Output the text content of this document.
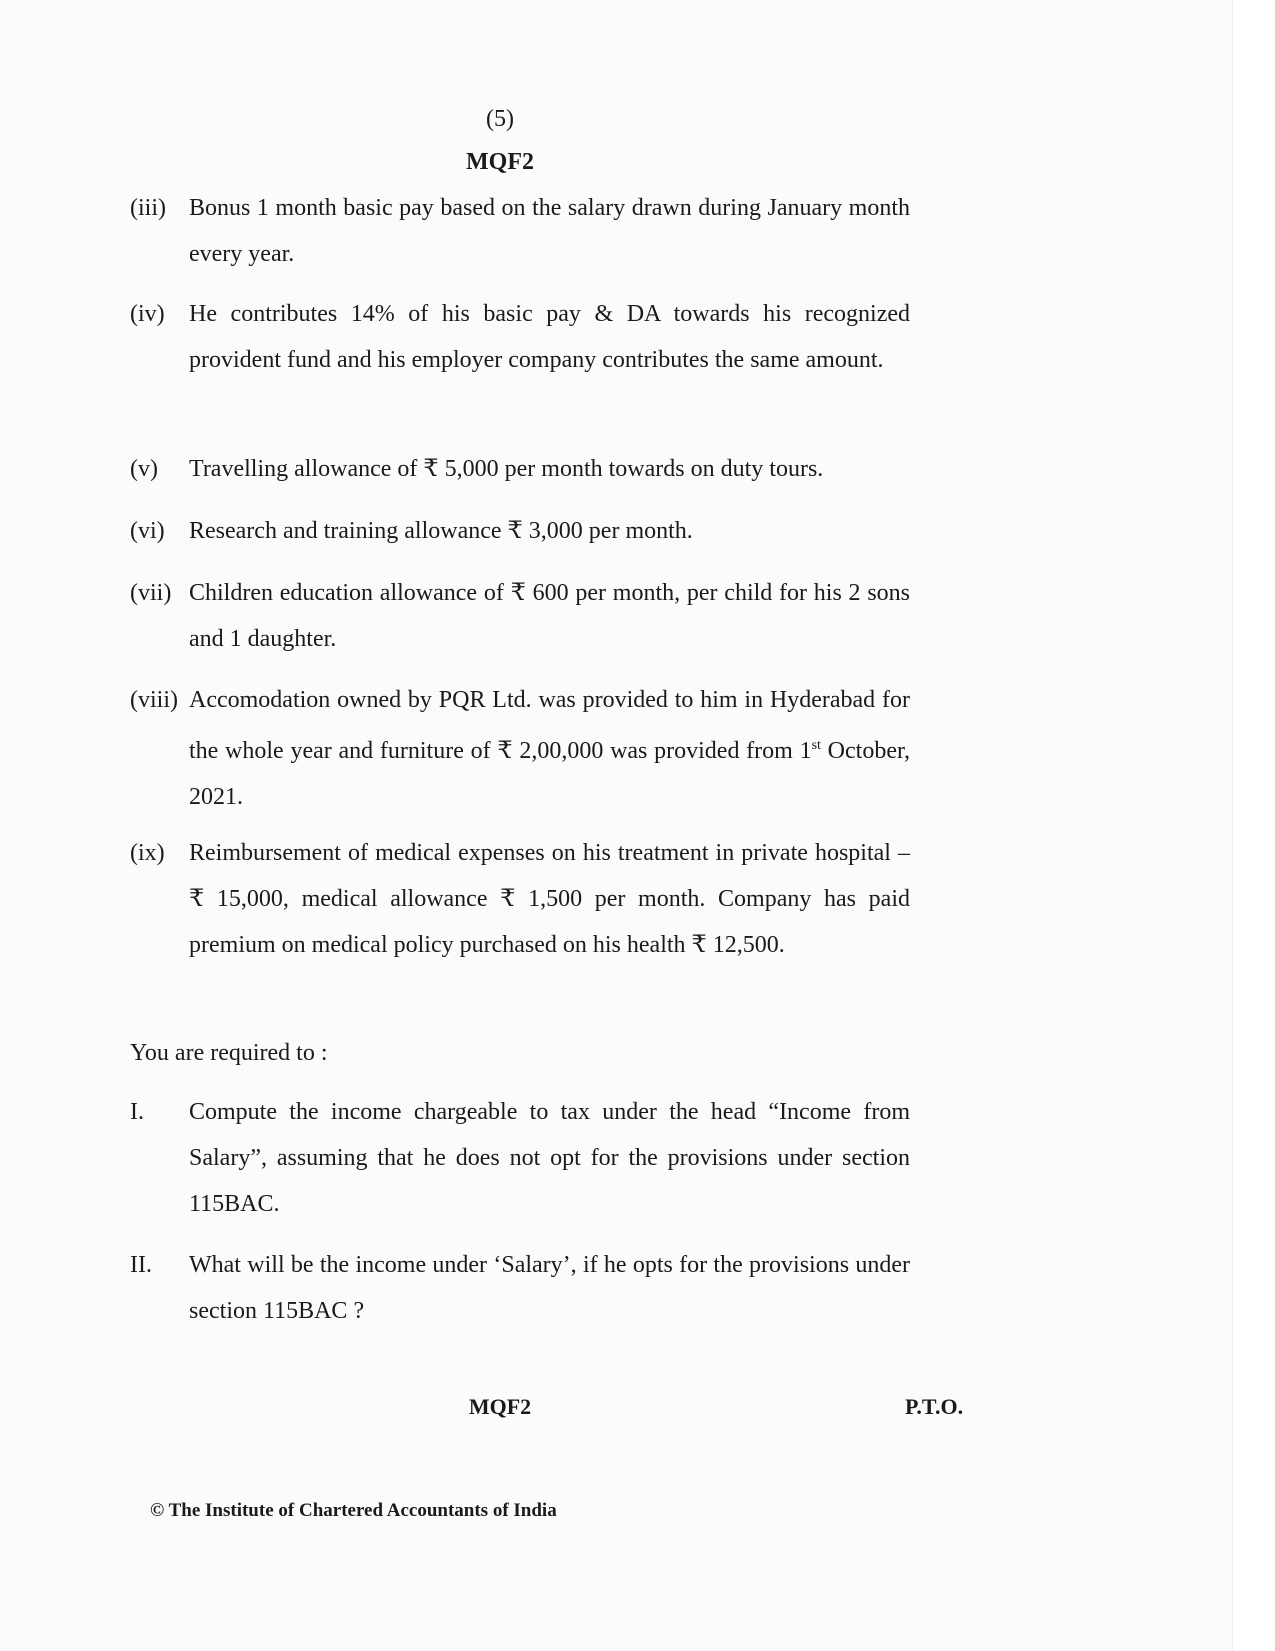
(5)
MQF2
(iii) Bonus 1 month basic pay based on the salary drawn during January month every year.
(iv) He contributes 14% of his basic pay & DA towards his recognized provident fund and his employer company contributes the same amount.
(v) Travelling allowance of ₹ 5,000 per month towards on duty tours.
(vi) Research and training allowance ₹ 3,000 per month.
(vii) Children education allowance of ₹ 600 per month, per child for his 2 sons and 1 daughter.
(viii) Accomodation owned by PQR Ltd. was provided to him in Hyderabad for the whole year and furniture of ₹ 2,00,000 was provided from 1st October, 2021.
(ix) Reimbursement of medical expenses on his treatment in private hospital – ₹ 15,000, medical allowance ₹ 1,500 per month. Company has paid premium on medical policy purchased on his health ₹ 12,500.
You are required to :
I. Compute the income chargeable to tax under the head “Income from Salary”, assuming that he does not opt for the provisions under section 115BAC.
II. What will be the income under ‘Salary’, if he opts for the provisions under section 115BAC ?
MQF2	P.T.O.
© The Institute of Chartered Accountants of India
